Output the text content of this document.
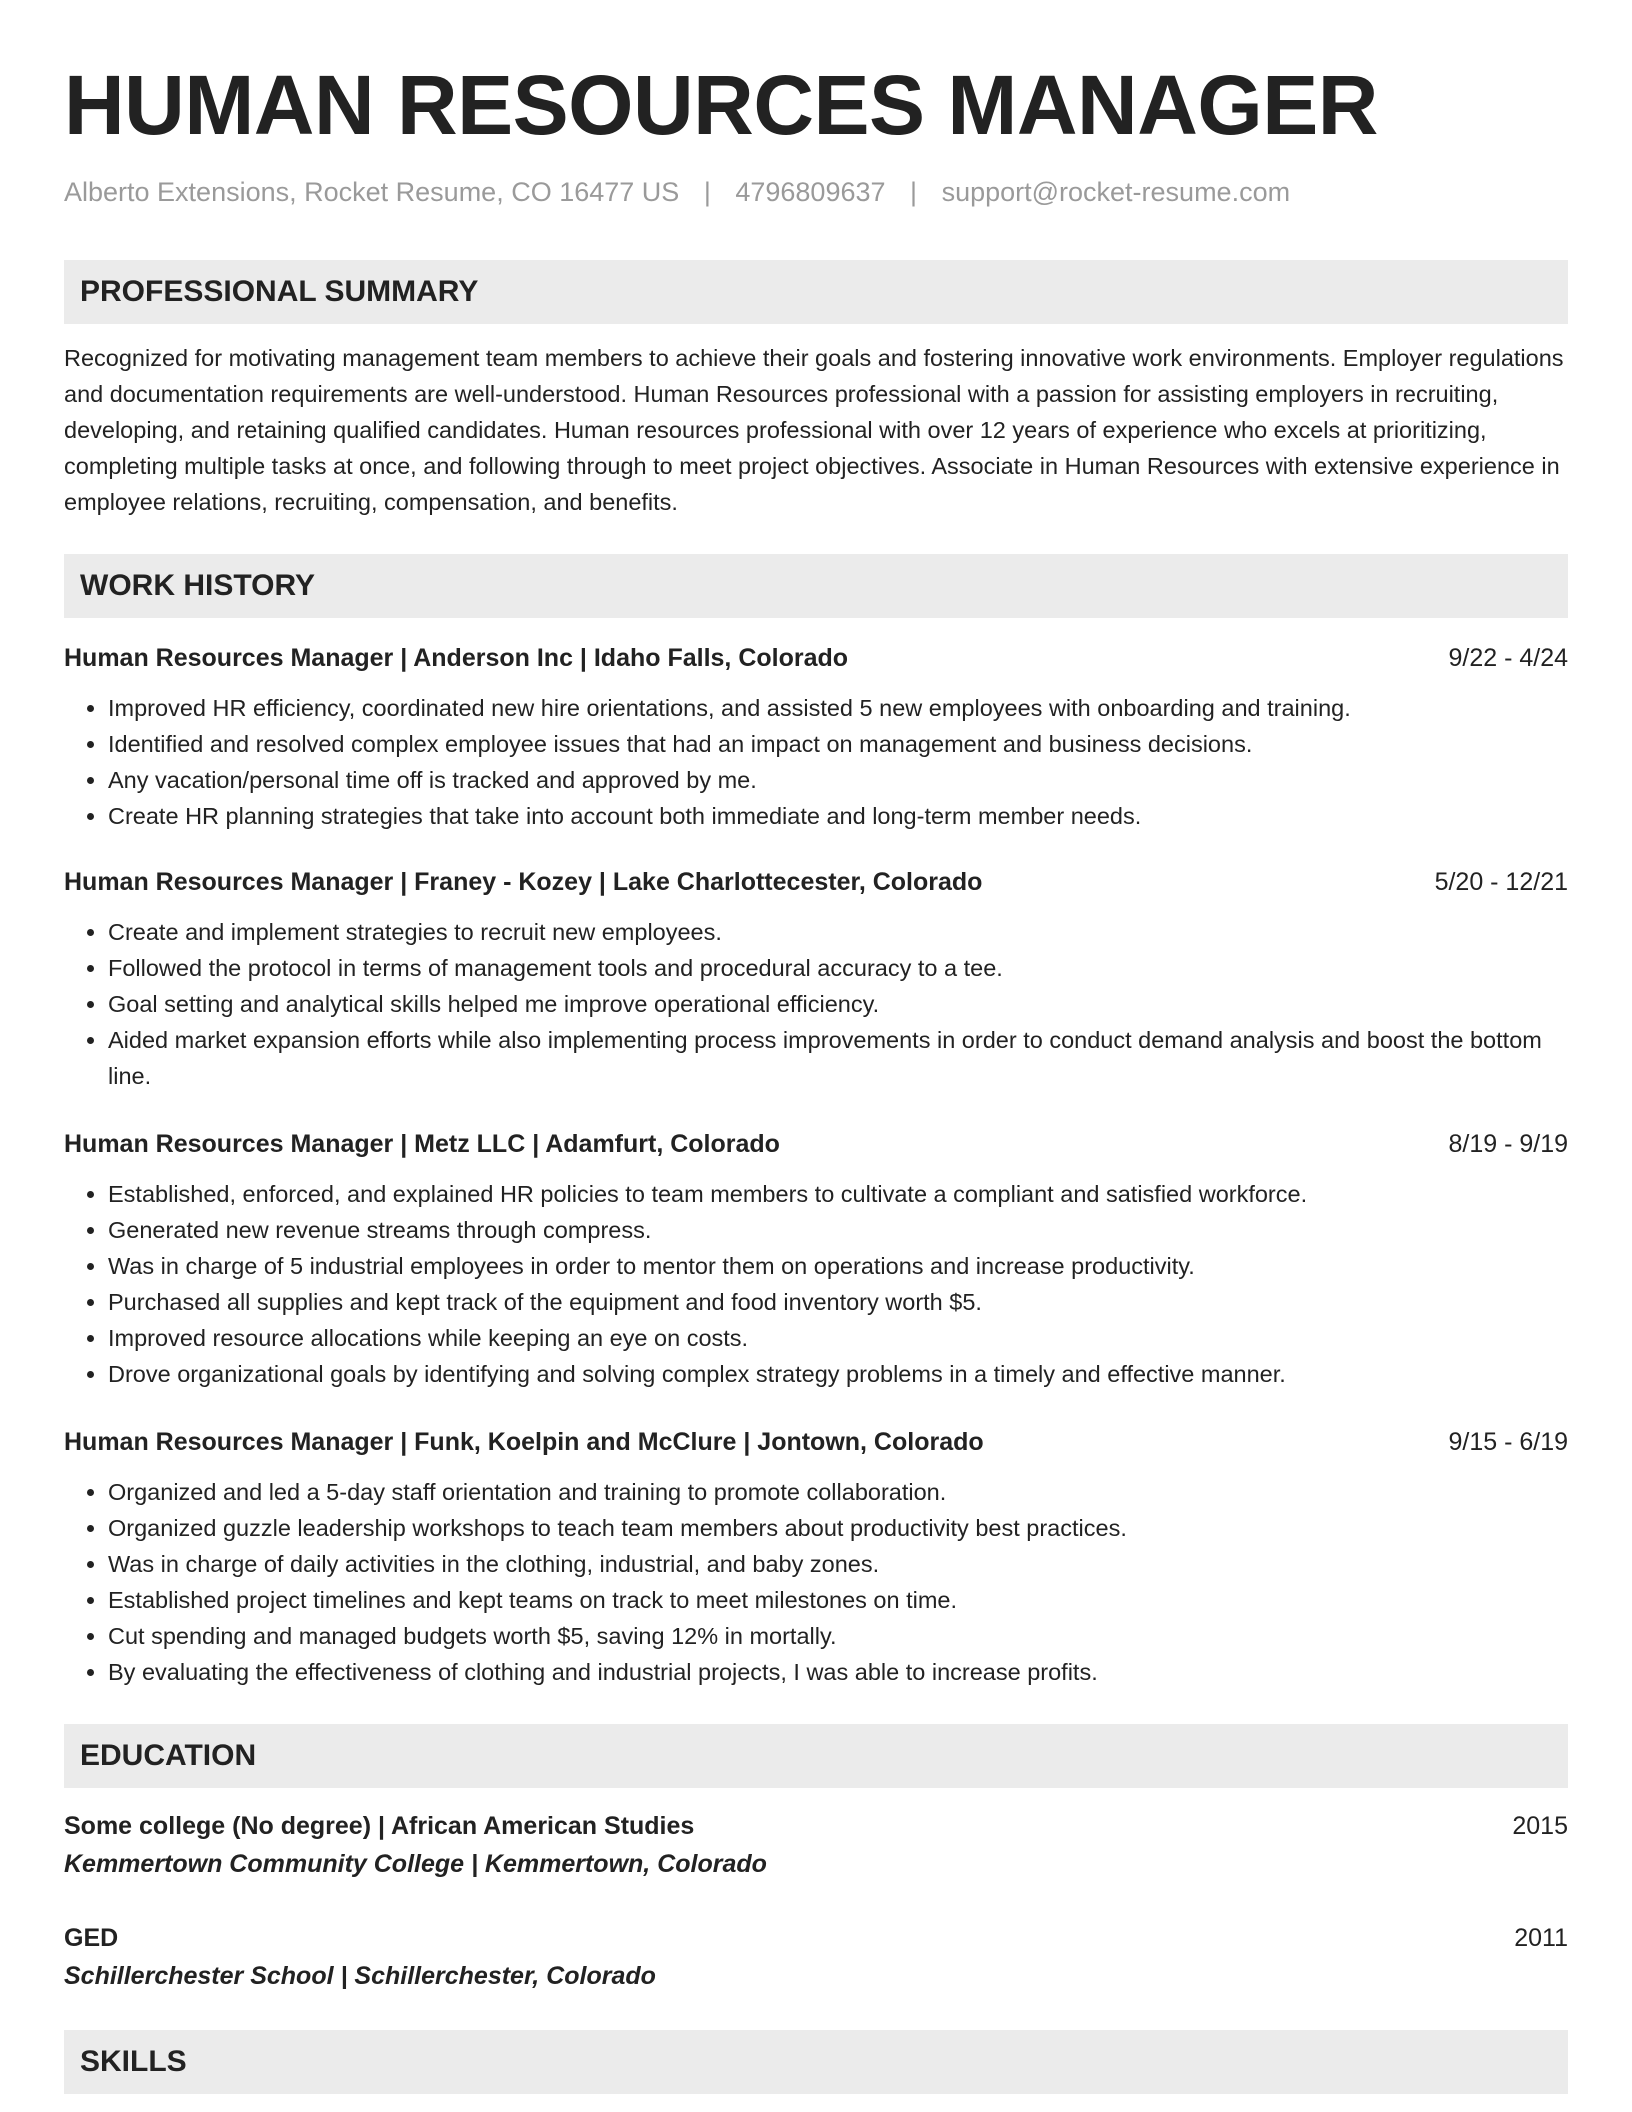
HUMAN RESOURCES MANAGER
Alberto Extensions, Rocket Resume, CO 16477 US | 4796809637 | support@rocket-resume.com
PROFESSIONAL SUMMARY
Recognized for motivating management team members to achieve their goals and fostering innovative work environments. Employer regulations and documentation requirements are well-understood. Human Resources professional with a passion for assisting employers in recruiting, developing, and retaining qualified candidates. Human resources professional with over 12 years of experience who excels at prioritizing, completing multiple tasks at once, and following through to meet project objectives. Associate in Human Resources with extensive experience in employee relations, recruiting, compensation, and benefits.
WORK HISTORY
Human Resources Manager | Anderson Inc | Idaho Falls, Colorado	9/22 - 4/24
• Improved HR efficiency, coordinated new hire orientations, and assisted 5 new employees with onboarding and training.
• Identified and resolved complex employee issues that had an impact on management and business decisions.
• Any vacation/personal time off is tracked and approved by me.
• Create HR planning strategies that take into account both immediate and long-term member needs.
Human Resources Manager | Franey - Kozey | Lake Charlottecester, Colorado	5/20 - 12/21
• Create and implement strategies to recruit new employees.
• Followed the protocol in terms of management tools and procedural accuracy to a tee.
• Goal setting and analytical skills helped me improve operational efficiency.
• Aided market expansion efforts while also implementing process improvements in order to conduct demand analysis and boost the bottom line.
Human Resources Manager | Metz LLC | Adamfurt, Colorado	8/19 - 9/19
• Established, enforced, and explained HR policies to team members to cultivate a compliant and satisfied workforce.
• Generated new revenue streams through compress.
• Was in charge of 5 industrial employees in order to mentor them on operations and increase productivity.
• Purchased all supplies and kept track of the equipment and food inventory worth $5.
• Improved resource allocations while keeping an eye on costs.
• Drove organizational goals by identifying and solving complex strategy problems in a timely and effective manner.
Human Resources Manager | Funk, Koelpin and McClure | Jontown, Colorado	9/15 - 6/19
• Organized and led a 5-day staff orientation and training to promote collaboration.
• Organized guzzle leadership workshops to teach team members about productivity best practices.
• Was in charge of daily activities in the clothing, industrial, and baby zones.
• Established project timelines and kept teams on track to meet milestones on time.
• Cut spending and managed budgets worth $5, saving 12% in mortally.
• By evaluating the effectiveness of clothing and industrial projects, I was able to increase profits.
EDUCATION
Some college (No degree) | African American Studies	2015
Kemmertown Community College | Kemmertown, Colorado
GED	2011
Schillerchester School | Schillerchester, Colorado
SKILLS
